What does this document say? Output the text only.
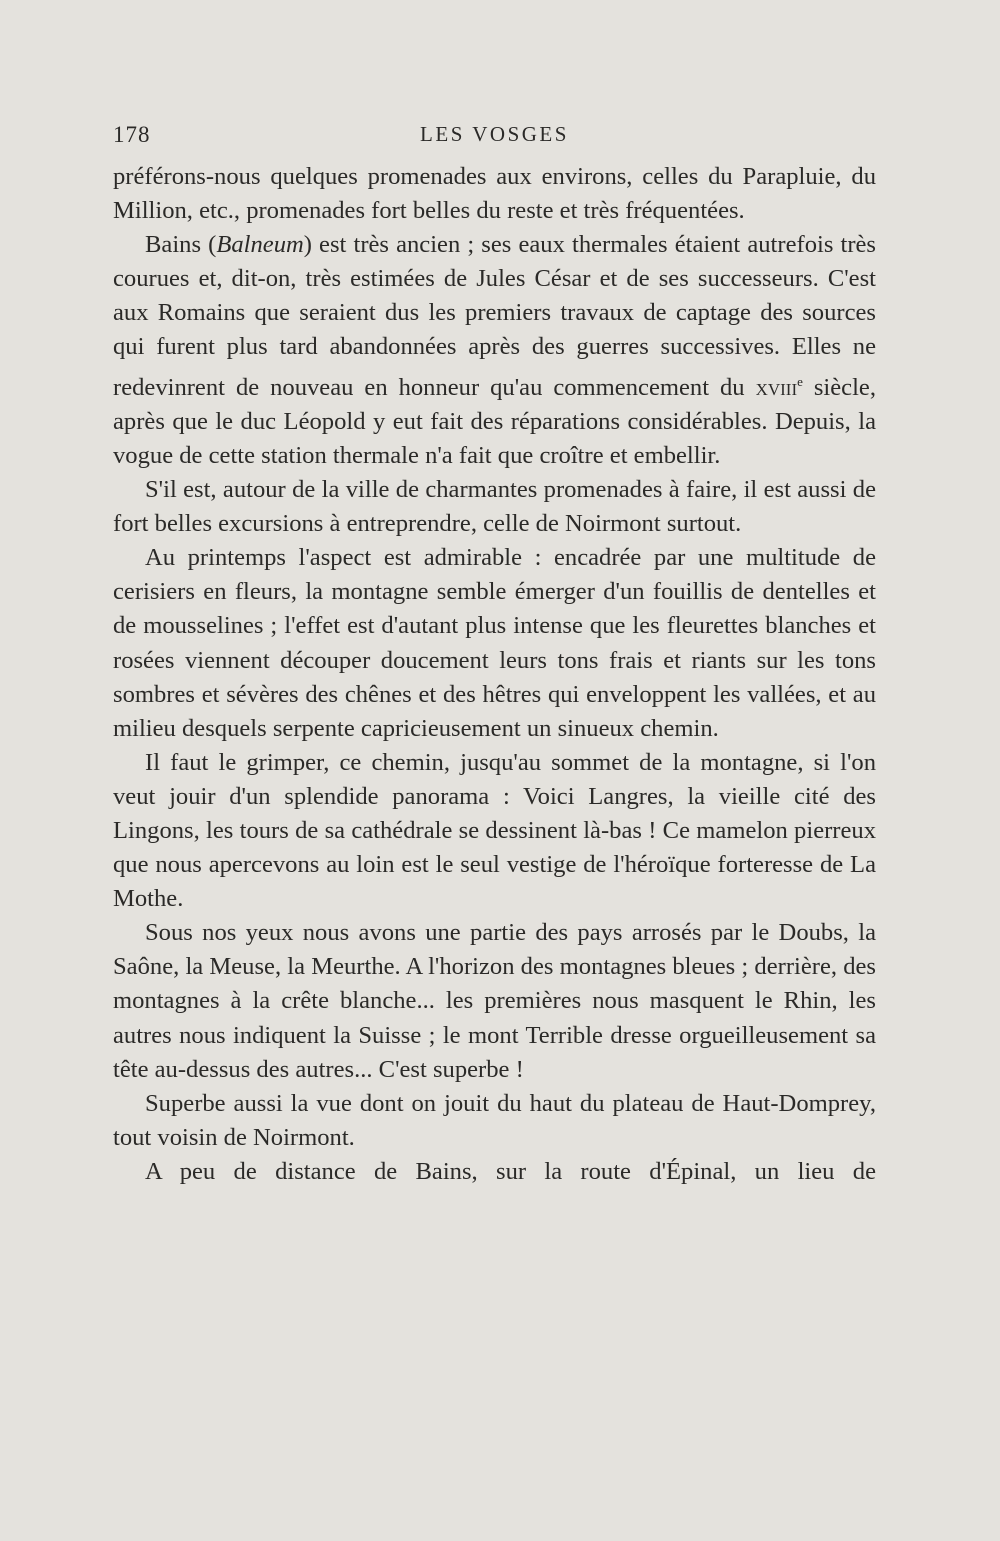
178	LES VOSGES

préférons-nous quelques promenades aux environs, celles du Parapluie, du Million, etc., promenades fort belles du reste et très fréquentées.

Bains (Balneum) est très ancien ; ses eaux thermales étaient autrefois très courues et, dit-on, très estimées de Jules César et de ses successeurs. C'est aux Romains que seraient dus les premiers travaux de captage des sources qui furent plus tard abandonnées après des guerres successives. Elles ne redevinrent de nouveau en honneur qu'au commencement du xviii$^e$ siècle, après que le duc Léopold y eut fait des réparations considérables. Depuis, la vogue de cette station thermale n'a fait que croître et embellir.

S'il est, autour de la ville de charmantes promenades à faire, il est aussi de fort belles excursions à entreprendre, celle de Noirmont surtout.

Au printemps l'aspect est admirable : encadrée par une multitude de cerisiers en fleurs, la montagne semble émerger d'un fouillis de dentelles et de mousselines ; l'effet est d'autant plus intense que les fleurettes blanches et rosées viennent découper doucement leurs tons frais et riants sur les tons sombres et sévères des chênes et des hêtres qui enveloppent les vallées, et au milieu desquels serpente capricieusement un sinueux chemin.

Il faut le grimper, ce chemin, jusqu'au sommet de la montagne, si l'on veut jouir d'un splendide panorama : Voici Langres, la vieille cité des Lingons, les tours de sa cathédrale se dessinent là-bas ! Ce mamelon pierreux que nous apercevons au loin est le seul vestige de l'héroïque forteresse de La Mothe.

Sous nos yeux nous avons une partie des pays arrosés par le Doubs, la Saône, la Meuse, la Meurthe. A l'horizon des montagnes bleues ; derrière, des montagnes à la crête blanche... les premières nous masquent le Rhin, les autres nous indiquent la Suisse ; le mont Terrible dresse orgueilleusement sa tête au-dessus des autres... C'est superbe !

Superbe aussi la vue dont on jouit du haut du plateau de Haut-Domprey, tout voisin de Noirmont.

A peu de distance de Bains, sur la route d'Épinal, un lieu de
